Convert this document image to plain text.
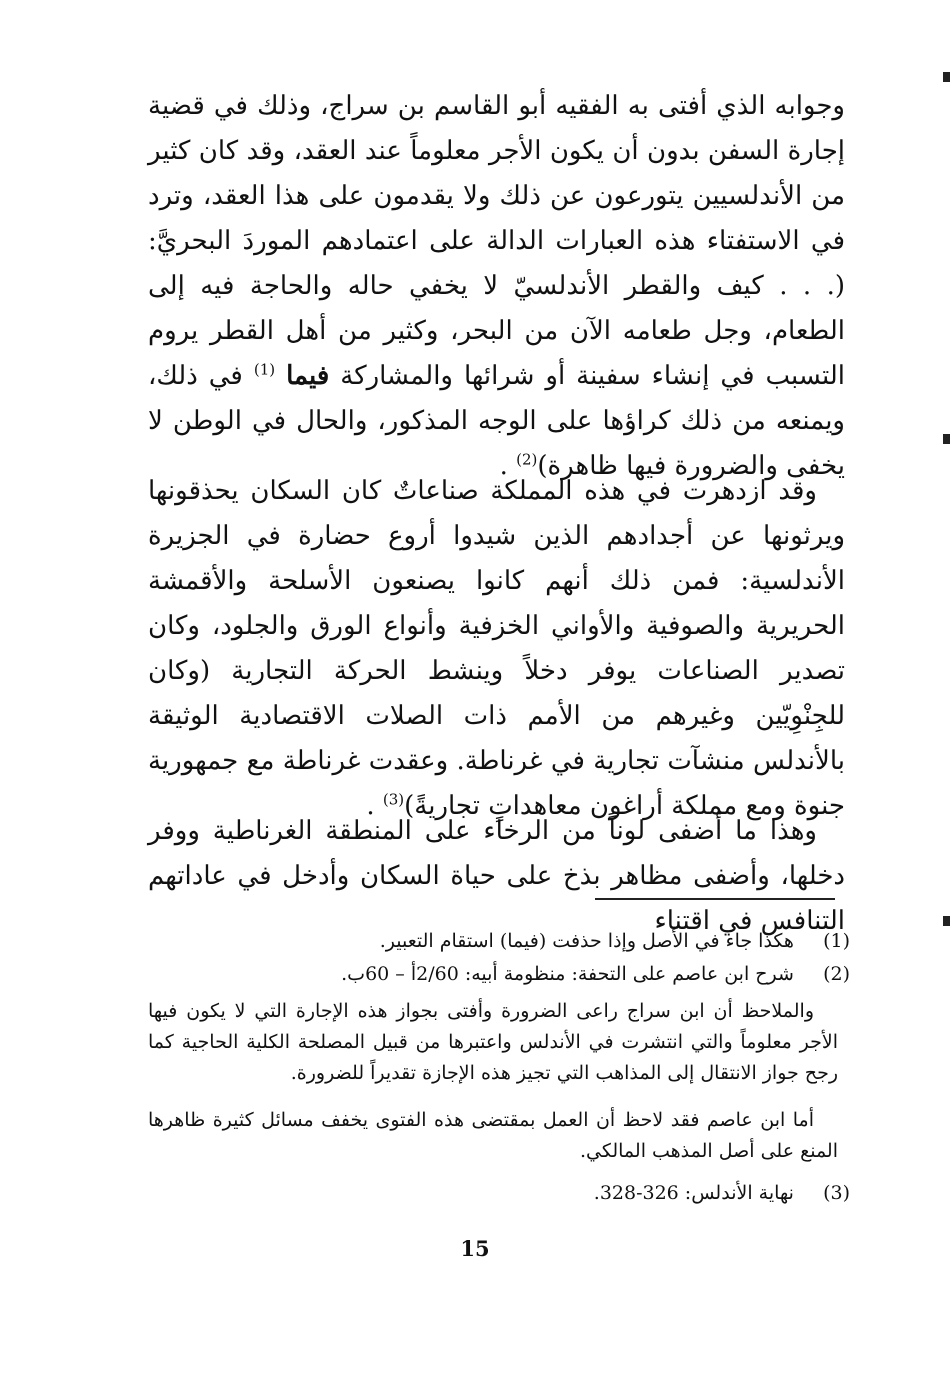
وجوابه الذي أفتى به الفقيه أبو القاسم بن سراج، وذلك في قضية إجارة السفن بدون أن يكون الأجر معلوماً عند العقد، وقد كان كثير من الأندلسيين يتورعون عن ذلك ولا يقدمون على هذا العقد، وترد في الاستفتاء هذه العبارات الدالة على اعتمادهم الموردَ البحريَّ: (. . . كيف والقطر الأندلسيّ لا يخفي حاله والحاجة فيه إلى الطعام، وجل طعامه الآن من البحر، وكثير من أهل القطر يروم التسبب في إنشاء سفينة أو شرائها والمشاركة فيما $^{(1)}$ في ذلك، ويمنعه من ذلك كراؤها على الوجه المذكور، والحال في الوطن لا يخفى والضرورة فيها ظاهرة)$^{(2)}$ .

وقد ازدهرت في هذه المملكة صناعاتٌ كان السكان يحذقونها ويرثونها عن أجدادهم الذين شيدوا أروع حضارة في الجزيرة الأندلسية: فمن ذلك أنهم كانوا يصنعون الأسلحة والأقمشة الحريرية والصوفية والأواني الخزفية وأنواع الورق والجلود، وكان تصدير الصناعات يوفر دخلاً وينشط الحركة التجارية (وكان للجِنْوِيّين وغيرهم من الأمم ذات الصلات الاقتصادية الوثيقة بالأندلس منشآت تجارية في غرناطة. وعقدت غرناطة مع جمهورية جنوة ومع مملكة أراغون معاهداتٍ تجاريةً)$^{(3)}$ .

وهذا ما أضفى لوناً من الرخاء على المنطقة الغرناطية ووفر دخلها، وأضفى مظاهر بذخ على حياة السكان وأدخل في عاداتهم التنافس في اقتناء

(1) هكذا جاء في الأصل وإذا حذفت (فيما) استقام التعبير.
(2) شرح ابن عاصم على التحفة: منظومة أبيه: 2/60أ – 60ب.
والملاحظ أن ابن سراج راعى الضرورة وأفتى بجواز هذه الإجارة التي لا يكون فيها الأجر معلوماً والتي انتشرت في الأندلس واعتبرها من قبيل المصلحة الكلية الحاجية كما رجح جواز الانتقال إلى المذاهب التي تجيز هذه الإجازة تقديراً للضرورة.
أما ابن عاصم فقد لاحظ أن العمل بمقتضى هذه الفتوى يخفف مسائل كثيرة ظاهرها المنع على أصل المذهب المالكي.
(3) نهاية الأندلس: 326-328.
15
